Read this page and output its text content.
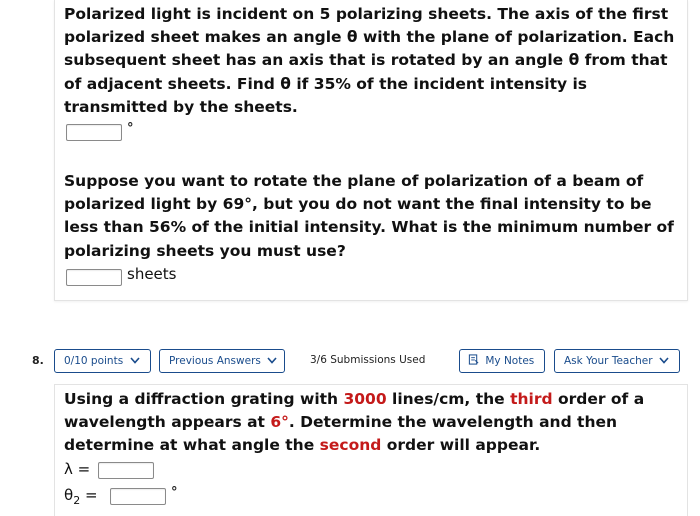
Polarized light is incident on 5 polarizing sheets. The axis of the first polarized sheet makes an angle θ with the plane of polarization. Each subsequent sheet has an axis that is rotated by an angle θ from that of adjacent sheets. Find θ if 35% of the incident intensity is transmitted by the sheets.
°
Suppose you want to rotate the plane of polarization of a beam of polarized light by 69°, but you do not want the final intensity to be less than 56% of the initial intensity. What is the minimum number of polarizing sheets you must use?
sheets
8.	0/10 points	Previous Answers	3/6 Submissions Used	My Notes	Ask Your Teacher
Using a diffraction grating with 3000 lines/cm, the third order of a wavelength appears at 6°. Determine the wavelength and then determine at what angle the second order will appear.
λ =
$\theta_2$ =	°
